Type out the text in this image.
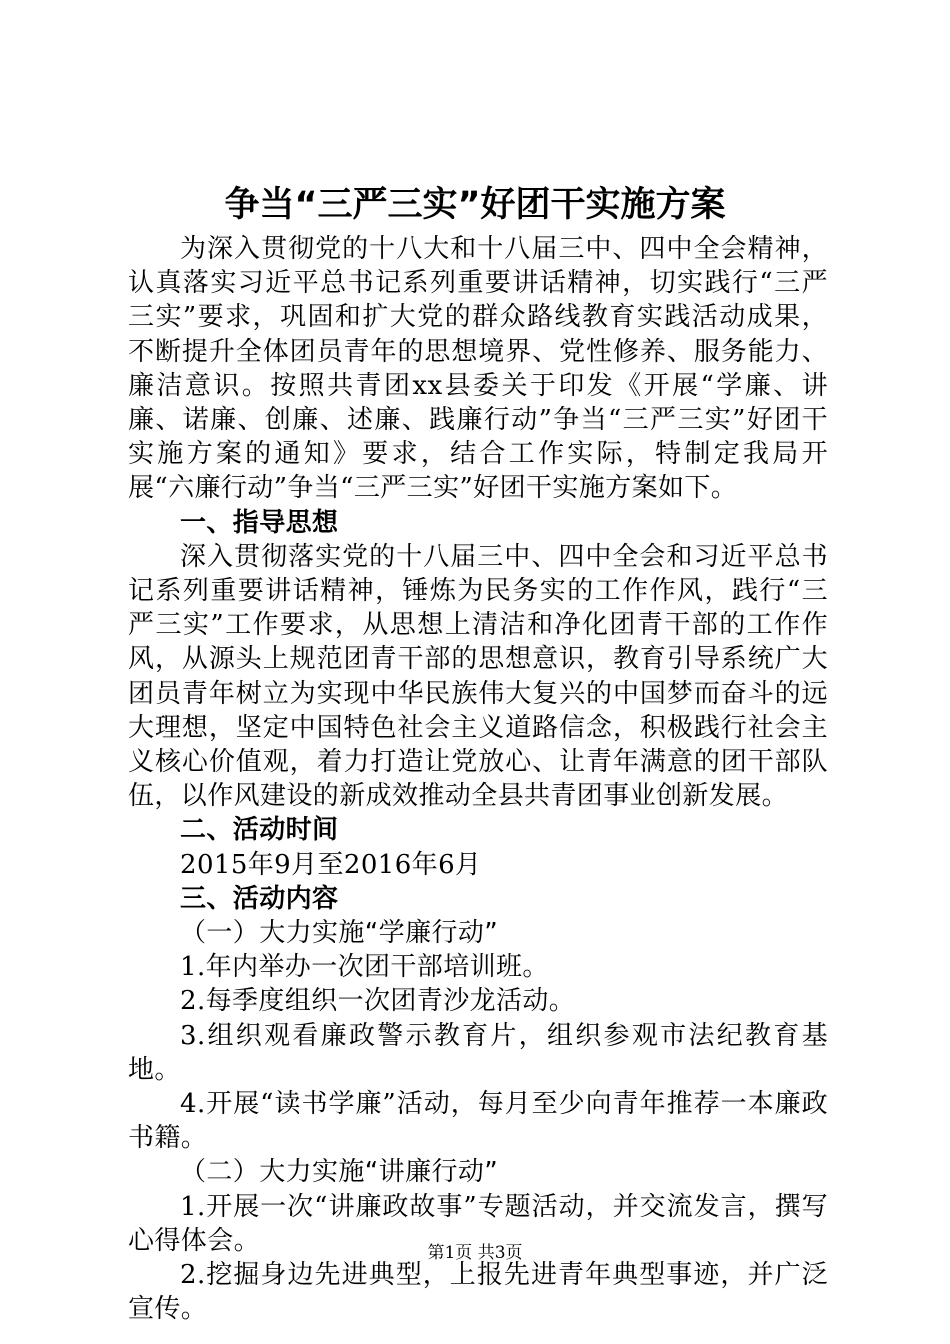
争当“三严三实”好团干实施方案

为深入贯彻党的十八大和十八届三中、四中全会精神，认真落实习近平总书记系列重要讲话精神，切实践行“三严三实”要求，巩固和扩大党的群众路线教育实践活动成果，不断提升全体团员青年的思想境界、党性修养、服务能力、廉洁意识。按照共青团xx县委关于印发《开展“学廉、讲廉、诺廉、创廉、述廉、践廉行动”争当“三严三实”好团干实施方案的通知》要求，结合工作实际，特制定我局开展“六廉行动”争当“三严三实”好团干实施方案如下。

一、指导思想

深入贯彻落实党的十八届三中、四中全会和习近平总书记系列重要讲话精神，锤炼为民务实的工作作风，践行“三严三实”工作要求，从思想上清洁和净化团青干部的工作作风，从源头上规范团青干部的思想意识，教育引导系统广大团员青年树立为实现中华民族伟大复兴的中国梦而奋斗的远大理想，坚定中国特色社会主义道路信念，积极践行社会主义核心价值观，着力打造让党放心、让青年满意的团干部队伍，以作风建设的新成效推动全县共青团事业创新发展。

二、活动时间

2015年9月至2016年6月

三、活动内容

（一）大力实施“学廉行动”

1.年内举办一次团干部培训班。

2.每季度组织一次团青沙龙活动。

3.组织观看廉政警示教育片，组织参观市法纪教育基地。

4.开展“读书学廉”活动，每月至少向青年推荐一本廉政书籍。

（二）大力实施“讲廉行动”

1.开展一次“讲廉政故事”专题活动，并交流发言，撰写心得体会。

2.挖掘身边先进典型，上报先进青年典型事迹，并广泛宣传。

第1页 共3页
